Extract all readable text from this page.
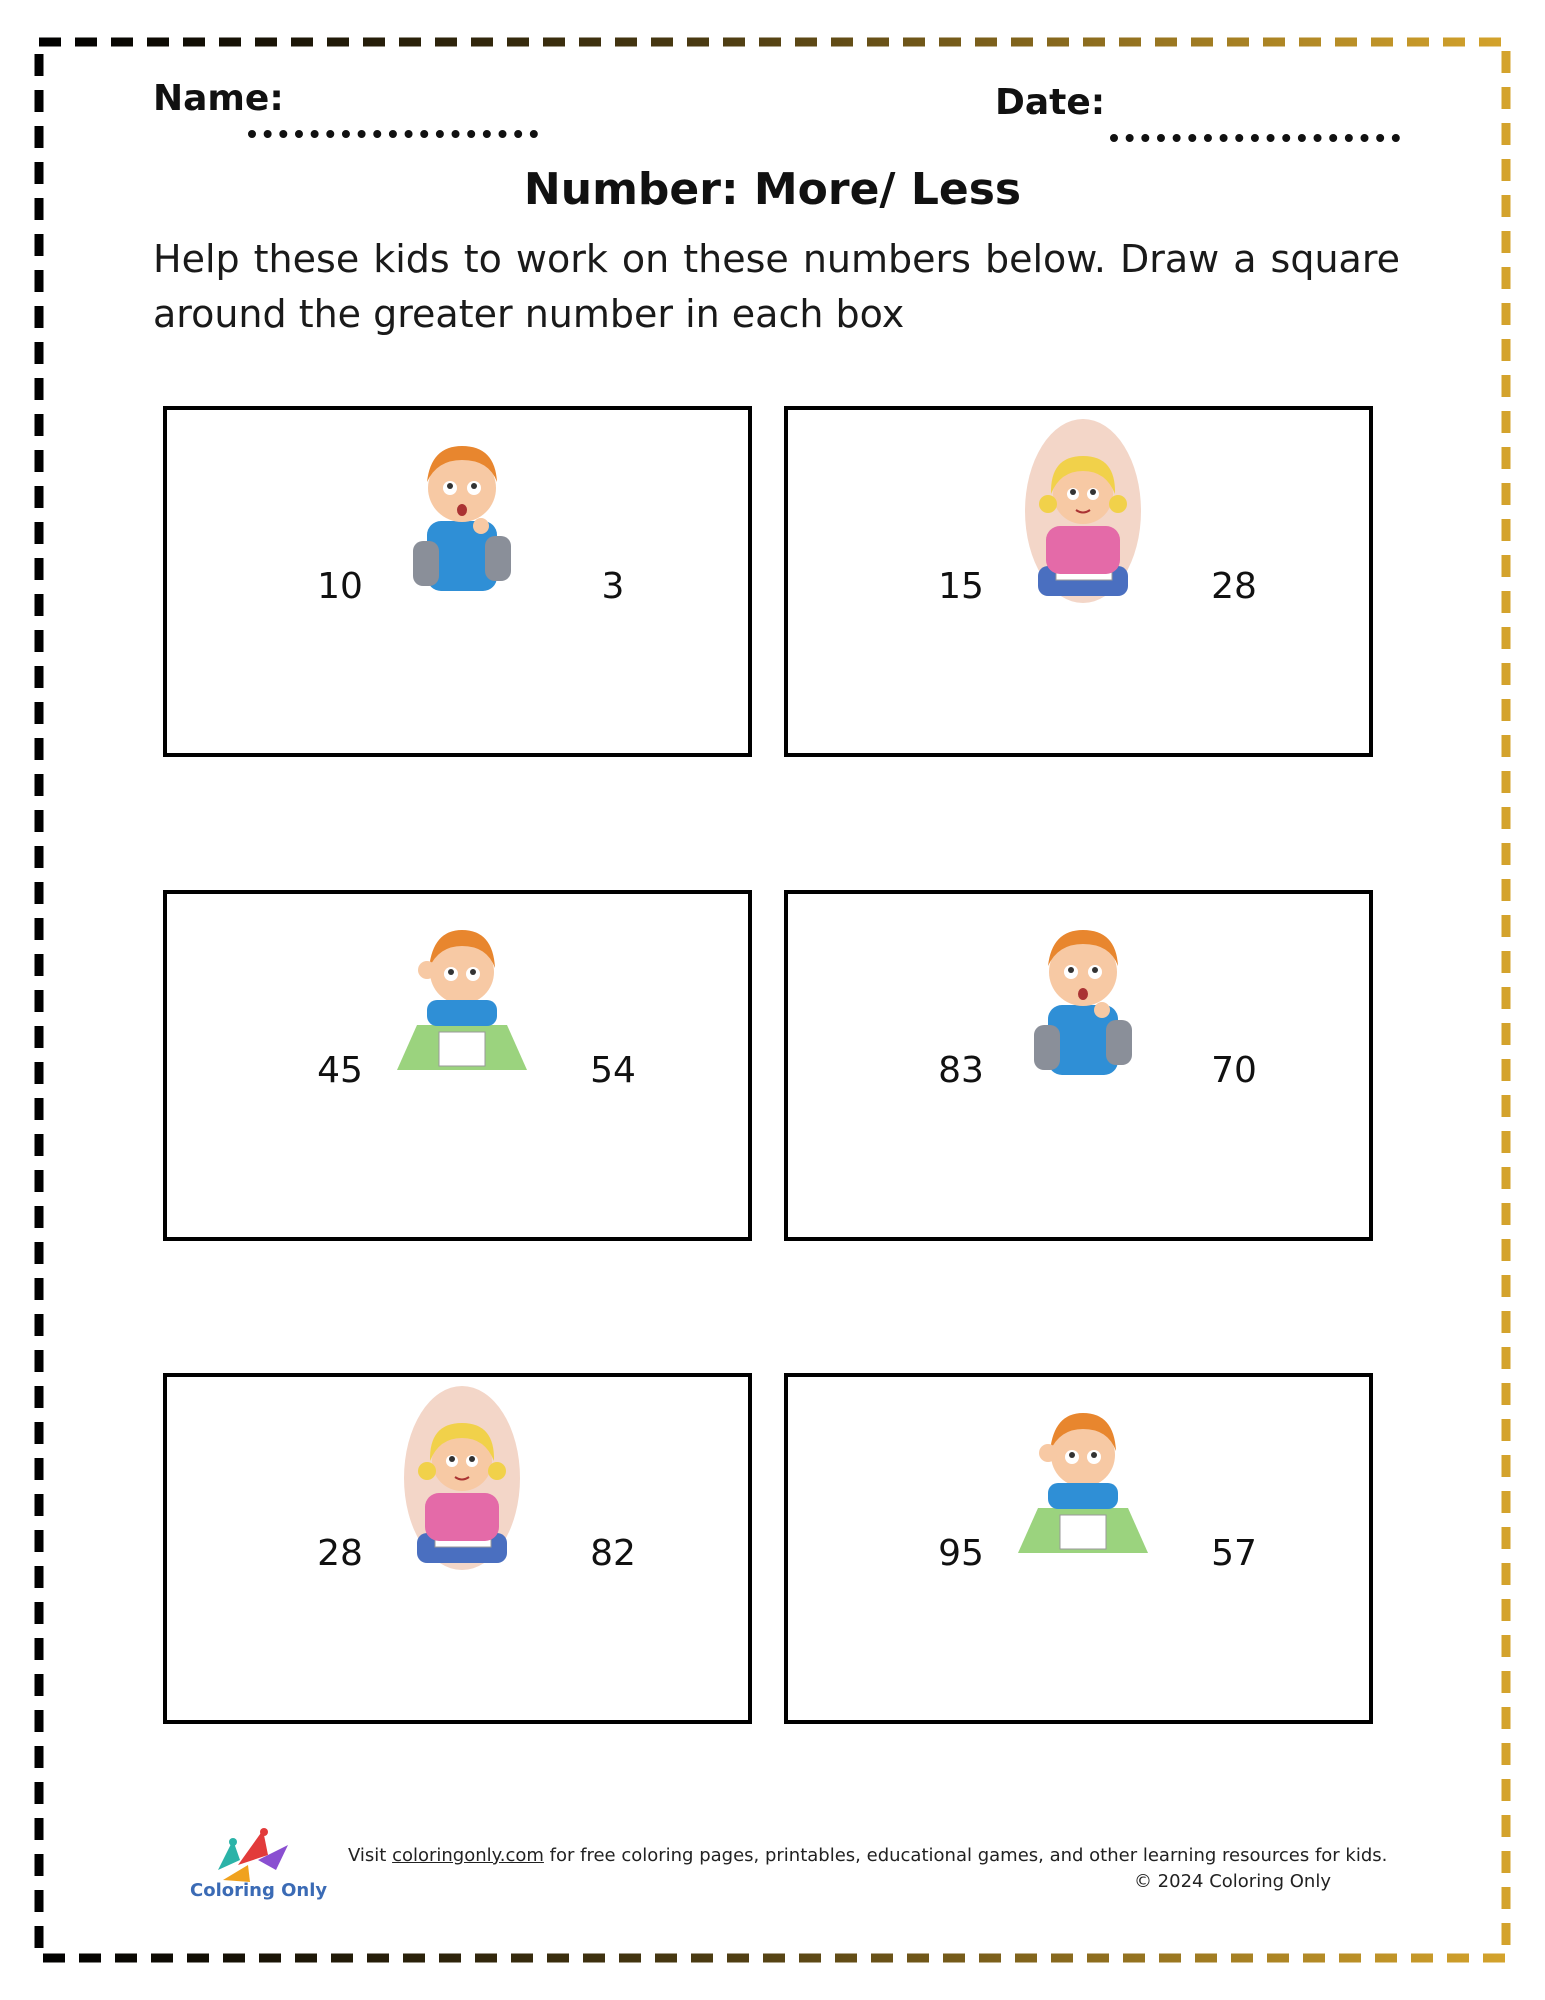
Name:	Date:
Number: More/ Less
Help these kids to work on these numbers below. Draw a square around the greater number in each box
10	3	15	28
45	54	83	70
28	82	95	57
Coloring Only
Visit coloringonly.com for free coloring pages, printables, educational games, and other learning resources for kids.
© 2024 Coloring Only
